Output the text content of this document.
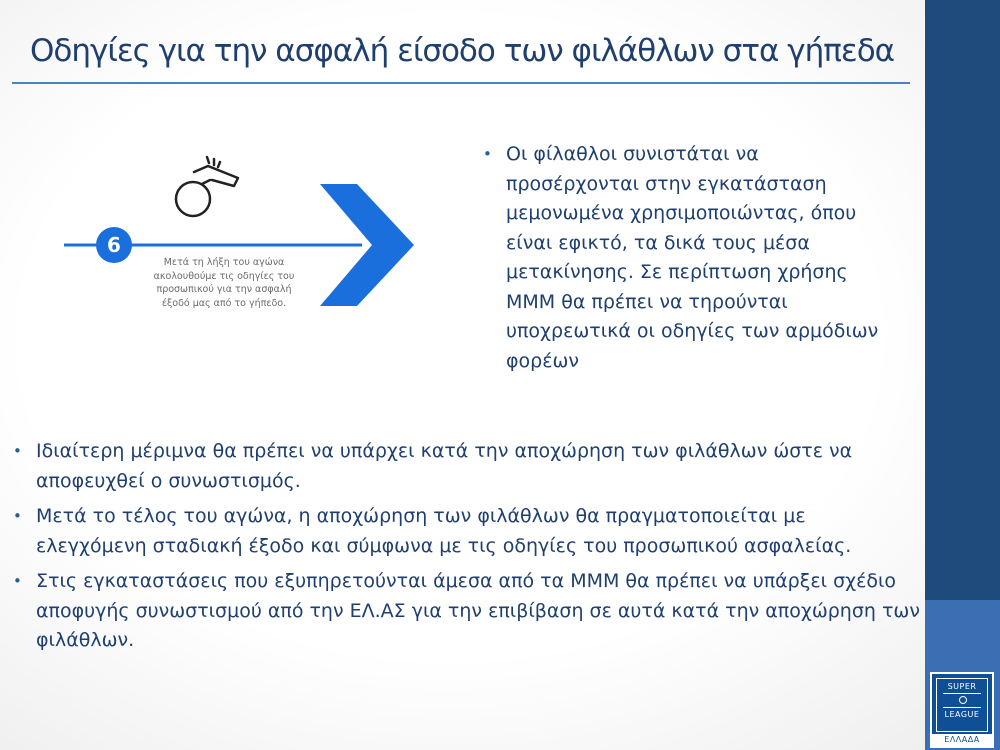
SUPER
LEAGUE
ΕΛΛΑΔΑ
Οδηγίες για την ασφαλή είσοδο των φιλάθλων στα γήπεδα
6
Μετά τη λήξη του αγώνα ακολουθούμε τις οδηγίες του προσωπικού για την ασφαλή έξοδό μας από το γήπεδο.
• Οι φίλαθλοι συνιστάται να προσέρχονται στην εγκατάσταση μεμονωμένα χρησιμοποιώντας, όπου είναι εφικτό, τα δικά τους μέσα μετακίνησης. Σε περίπτωση χρήσης ΜΜΜ θα πρέπει να τηρούνται υποχρεωτικά οι οδηγίες των αρμόδιων φορέων
• Ιδιαίτερη μέριμνα θα πρέπει να υπάρχει κατά την αποχώρηση των φιλάθλων ώστε να αποφευχθεί ο συνωστισμός.
• Μετά το τέλος του αγώνα, η αποχώρηση των φιλάθλων θα πραγματοποιείται με ελεγχόμενη σταδιακή έξοδο και σύμφωνα με τις οδηγίες του προσωπικού ασφαλείας.
• Στις εγκαταστάσεις που εξυπηρετούνται άμεσα από τα ΜΜΜ θα πρέπει να υπάρξει σχέδιο αποφυγής συνωστισμού από την ΕΛ.ΑΣ για την επιβίβαση σε αυτά κατά την αποχώρηση των φιλάθλων.
